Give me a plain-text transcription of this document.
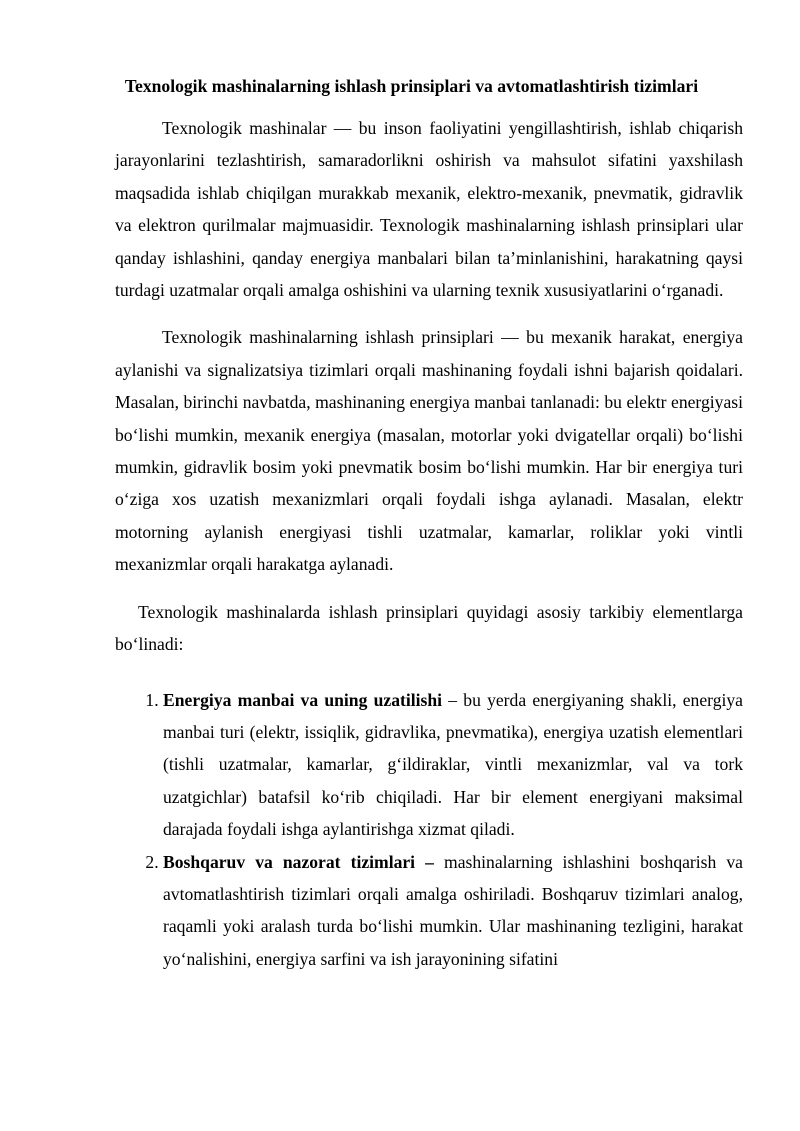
Texnologik mashinalarning ishlash prinsiplari va avtomatlashtirish tizimlari

Texnologik mashinalar — bu inson faoliyatini yengillashtirish, ishlab chiqarish jarayonlarini tezlashtirish, samaradorlikni oshirish va mahsulot sifatini yaxshilash maqsadida ishlab chiqilgan murakkab mexanik, elektro-mexanik, pnevmatik, gidravlik va elektron qurilmalar majmuasidir. Texnologik mashinalarning ishlash prinsiplari ular qanday ishlashini, qanday energiya manbalari bilan ta’minlanishini, harakatning qaysi turdagi uzatmalar orqali amalga oshishini va ularning texnik xususiyatlarini o‘rganadi.

Texnologik mashinalarning ishlash prinsiplari — bu mexanik harakat, energiya aylanishi va signalizatsiya tizimlari orqali mashinaning foydali ishni bajarish qoidalari. Masalan, birinchi navbatda, mashinaning energiya manbai tanlanadi: bu elektr energiyasi bo‘lishi mumkin, mexanik energiya (masalan, motorlar yoki dvigatellar orqali) bo‘lishi mumkin, gidravlik bosim yoki pnevmatik bosim bo‘lishi mumkin. Har bir energiya turi o‘ziga xos uzatish mexanizmlari orqali foydali ishga aylanadi. Masalan, elektr motorning aylanish energiyasi tishli uzatmalar, kamarlar, roliklar yoki vintli mexanizmlar orqali harakatga aylanadi.

Texnologik mashinalarda ishlash prinsiplari quyidagi asosiy tarkibiy elementlarga bo‘linadi:

1. Energiya manbai va uning uzatilishi – bu yerda energiyaning shakli, energiya manbai turi (elektr, issiqlik, gidravlika, pnevmatika), energiya uzatish elementlari (tishli uzatmalar, kamarlar, g‘ildiraklar, vintli mexanizmlar, val va tork uzatgichlar) batafsil ko‘rib chiqiladi. Har bir element energiyani maksimal darajada foydali ishga aylantirishga xizmat qiladi.
2. Boshqaruv va nazorat tizimlari – mashinalarning ishlashini boshqarish va avtomatlashtirish tizimlari orqali amalga oshiriladi. Boshqaruv tizimlari analog, raqamli yoki aralash turda bo‘lishi mumkin. Ular mashinaning tezligini, harakat yo‘nalishini, energiya sarfini va ish jarayonining sifatini
